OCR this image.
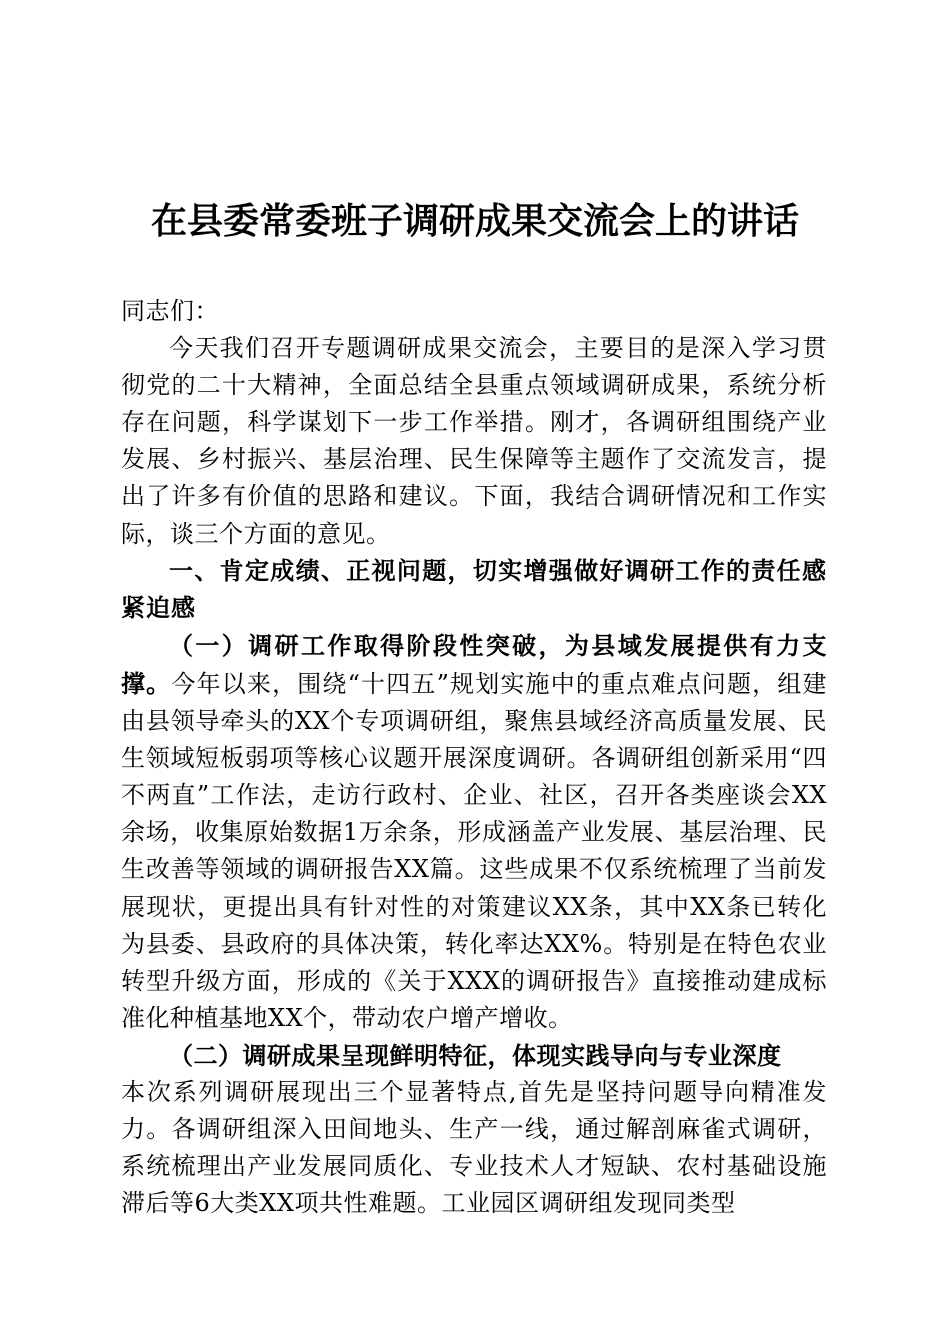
在县委常委班子调研成果交流会上的讲话

同志们：

今天我们召开专题调研成果交流会，主要目的是深入学习贯彻党的二十大精神，全面总结全县重点领域调研成果，系统分析存在问题，科学谋划下一步工作举措。刚才，各调研组围绕产业发展、乡村振兴、基层治理、民生保障等主题作了交流发言，提出了许多有价值的思路和建议。下面，我结合调研情况和工作实际，谈三个方面的意见。

一、肯定成绩、正视问题，切实增强做好调研工作的责任感紧迫感

（一）调研工作取得阶段性突破，为县域发展提供有力支撑。今年以来，围绕“十四五”规划实施中的重点难点问题，组建由县领导牵头的XX个专项调研组，聚焦县域经济高质量发展、民生领域短板弱项等核心议题开展深度调研。各调研组创新采用“四不两直”工作法，走访行政村、企业、社区，召开各类座谈会XX余场，收集原始数据1万余条，形成涵盖产业发展、基层治理、民生改善等领域的调研报告XX篇。这些成果不仅系统梳理了当前发展现状，更提出具有针对性的对策建议XX条，其中XX条已转化为县委、县政府的具体决策，转化率达XX%。特别是在特色农业转型升级方面，形成的《关于XXX的调研报告》直接推动建成标准化种植基地XX个，带动农户增产增收。

（二）调研成果呈现鲜明特征，体现实践导向与专业深度

本次系列调研展现出三个显著特点,首先是坚持问题导向精准发力。各调研组深入田间地头、生产一线，通过解剖麻雀式调研，系统梳理出产业发展同质化、专业技术人才短缺、农村基础设施滞后等6大类XX项共性难题。工业园区调研组发现同类型
